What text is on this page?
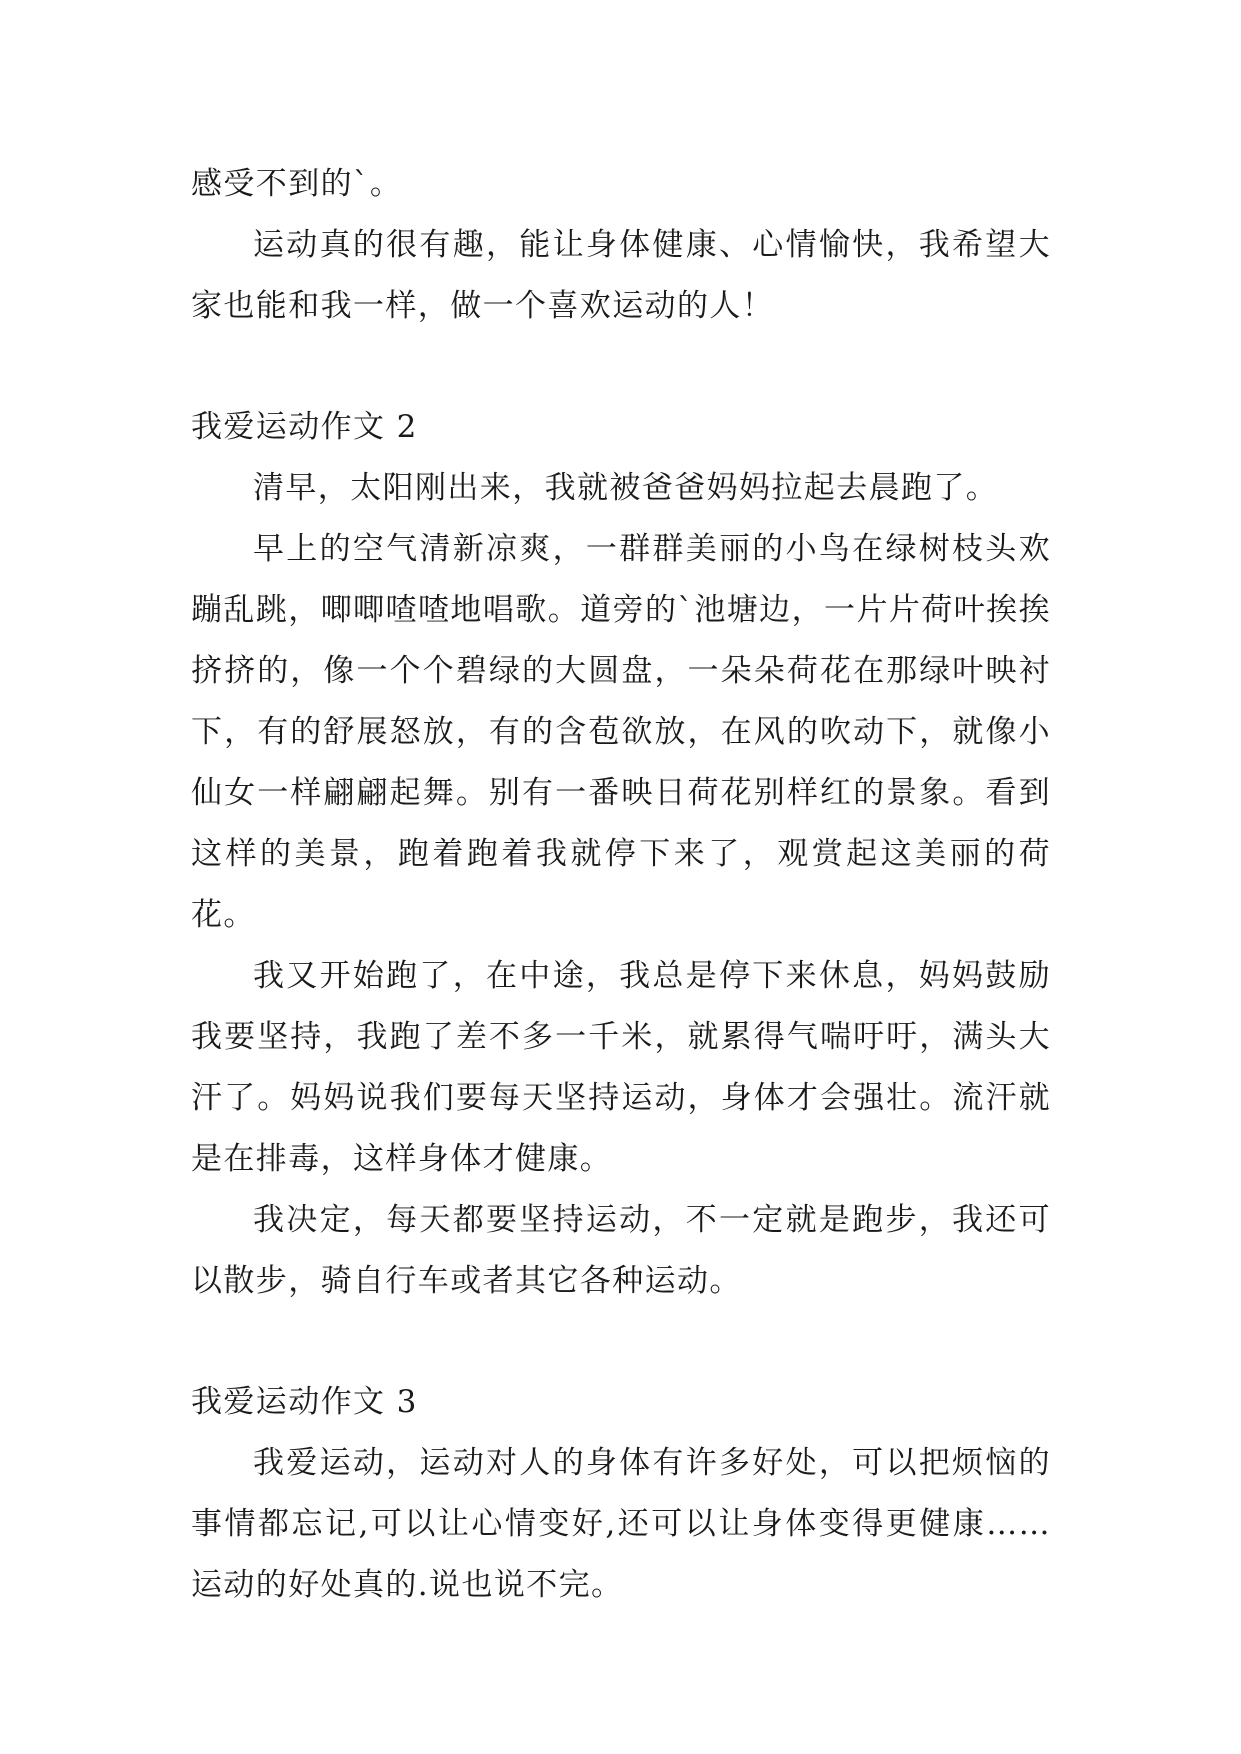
感受不到的`。

运动真的很有趣，能让身体健康、心情愉快，我希望大家也能和我一样，做一个喜欢运动的人！

我爱运动作文 2

清早，太阳刚出来，我就被爸爸妈妈拉起去晨跑了。

早上的空气清新凉爽，一群群美丽的小鸟在绿树枝头欢蹦乱跳，唧唧喳喳地唱歌。道旁的`池塘边，一片片荷叶挨挨挤挤的，像一个个碧绿的大圆盘，一朵朵荷花在那绿叶映衬下，有的舒展怒放，有的含苞欲放，在风的吹动下，就像小仙女一样翩翩起舞。别有一番映日荷花别样红的景象。看到这样的美景，跑着跑着我就停下来了，观赏起这美丽的荷花。

我又开始跑了，在中途，我总是停下来休息，妈妈鼓励我要坚持，我跑了差不多一千米，就累得气喘吁吁，满头大汗了。妈妈说我们要每天坚持运动，身体才会强壮。流汗就是在排毒，这样身体才健康。

我决定，每天都要坚持运动，不一定就是跑步，我还可以散步，骑自行车或者其它各种运动。

我爱运动作文 3

我爱运动，运动对人的身体有许多好处，可以把烦恼的事情都忘记,可以让心情变好,还可以让身体变得更健康……运动的好处真的.说也说不完。
